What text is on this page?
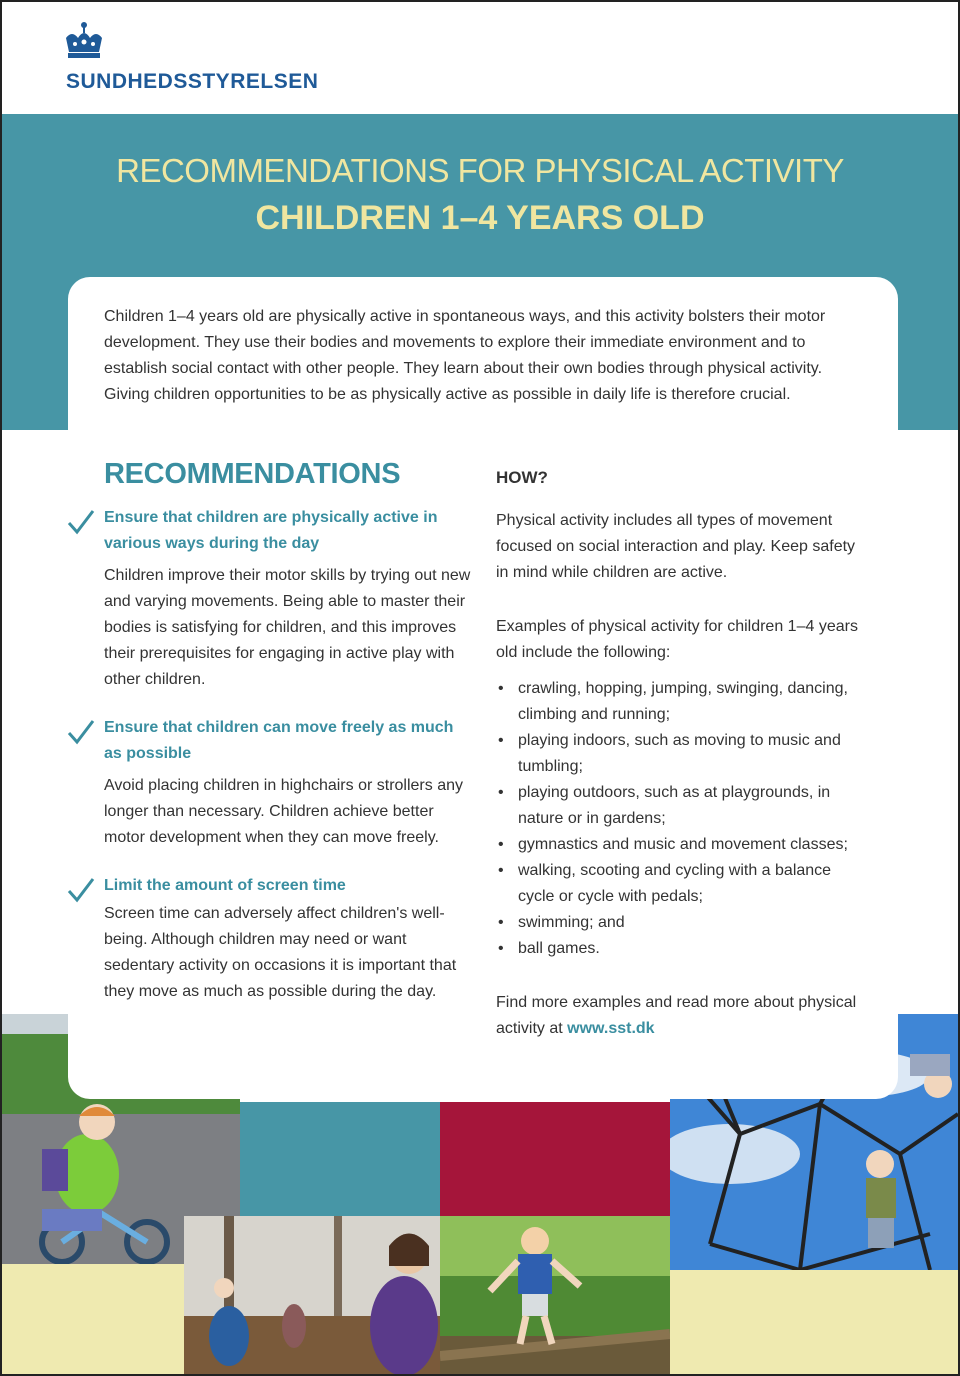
SUNDHEDSSTYRELSEN
RECOMMENDATIONS FOR PHYSICAL ACTIVITY
CHILDREN 1–4 YEARS OLD

Children 1–4 years old are physically active in spontaneous ways, and this activity bolsters their motor development. They use their bodies and movements to explore their immediate environment and to establish social contact with other people. They learn about their own bodies through physical activity. Giving children opportunities to be as physically active as possible in daily life is therefore crucial.

RECOMMENDATIONS
Ensure that children are physically active in various ways during the day
Children improve their motor skills by trying out new and varying movements. Being able to master their bodies is satisfying for children, and this improves their prerequisites for engaging in active play with other children.
Ensure that children can move freely as much as possible
Avoid placing children in highchairs or strollers any longer than necessary. Children achieve better motor development when they can move freely.
Limit the amount of screen time
Screen time can adversely affect children's well-being. Although children may need or want sedentary activity on occasions it is important that they move as much as possible during the day.
HOW?

Physical activity includes all types of movement focused on social interaction and play. Keep safety in mind while children are active.

Examples of physical activity for children 1–4 years old include the following:

• crawling, hopping, jumping, swinging, dancing, climbing and running;
• playing indoors, such as moving to music and tumbling;
• playing outdoors, such as at playgrounds, in nature or in gardens;
• gymnastics and music and movement classes;
• walking, scooting and cycling with a balance cycle or cycle with pedals;
• swimming; and
• ball games.

Find more examples and read more about physical activity at www.sst.dk
